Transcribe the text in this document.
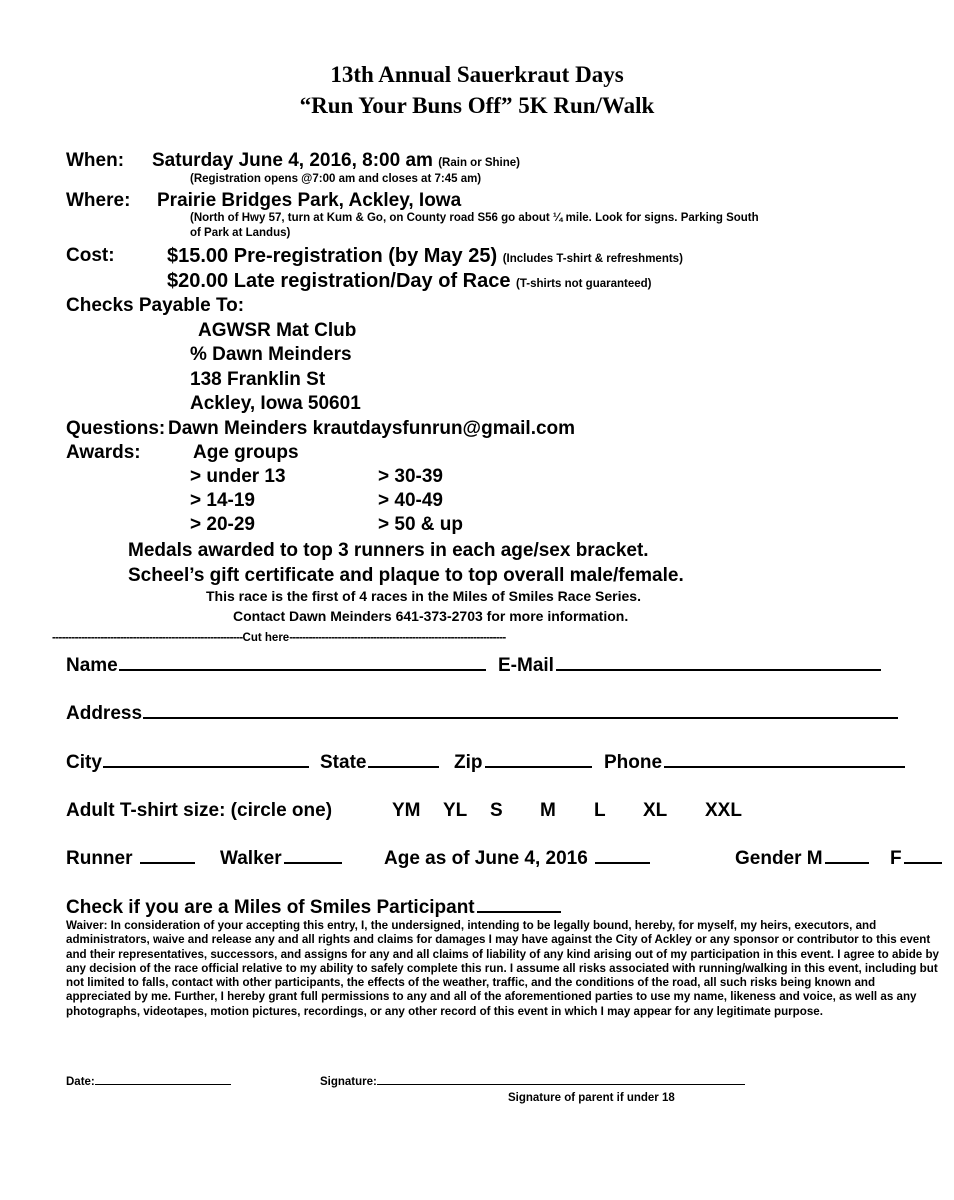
13th Annual Sauerkraut Days
“Run Your Buns Off” 5K Run/Walk
When: Saturday June 4, 2016, 8:00 am (Rain or Shine)
(Registration opens @7:00 am and closes at 7:45 am)
Where: Prairie Bridges Park, Ackley, Iowa
(North of Hwy 57, turn at Kum & Go, on County road S56 go about ¼ mile. Look for signs. Parking South
of Park at Landus)
Cost:	$15.00 Pre-registration (by May 25) (Includes T-shirt & refreshments)
$20.00 Late registration/Day of Race (T-shirts not guaranteed)
Checks Payable To:
AGWSR Mat Club
% Dawn Meinders
138 Franklin St
Ackley, Iowa 50601
Questions: Dawn Meinders krautdaysfunrun@gmail.com
Awards:	Age groups
> under 13
> 14-19
> 20-29
> 30-39
> 40-49
> 50 & up
Medals awarded to top 3 runners in each age/sex bracket.
Scheel’s gift certificate and plaque to top overall male/female.
This race is the first of 4 races in the Miles of Smiles Race Series.
Contact Dawn Meinders 641-373-2703 for more information.
-----------------------------------------------------------Cut here-------------------------------------------------------------------
Name	E-Mail
Address
City	State	Zip	Phone
Adult T-shirt size: (circle one)	YM YL S M L XL XXL
Runner	Walker	Age as of June 4, 2016	Gender M	F
Check if you are a Miles of Smiles Participant
Waiver: In consideration of your accepting this entry, I, the undersigned, intending to be legally bound, hereby, for myself, my heirs, executors, and administrators, waive and release any and all rights and claims for damages I may have against the City of Ackley or any sponsor or contributor to this event and their representatives, successors, and assigns for any and all claims of liability of any kind arising out of my participation in this event. I agree to abide by any decision of the race official relative to my ability to safely complete this run. I assume all risks associated with running/walking in this event, including but not limited to falls, contact with other participants, the effects of the weather, traffic, and the conditions of the road, all such risks being known and appreciated by me. Further, I hereby grant full permissions to any and all of the aforementioned parties to use my name, likeness and voice, as well as any photographs, videotapes, motion pictures, recordings, or any other record of this event in which I may appear for any legitimate purpose.
Date:	Signature:
Signature of parent if under 18
